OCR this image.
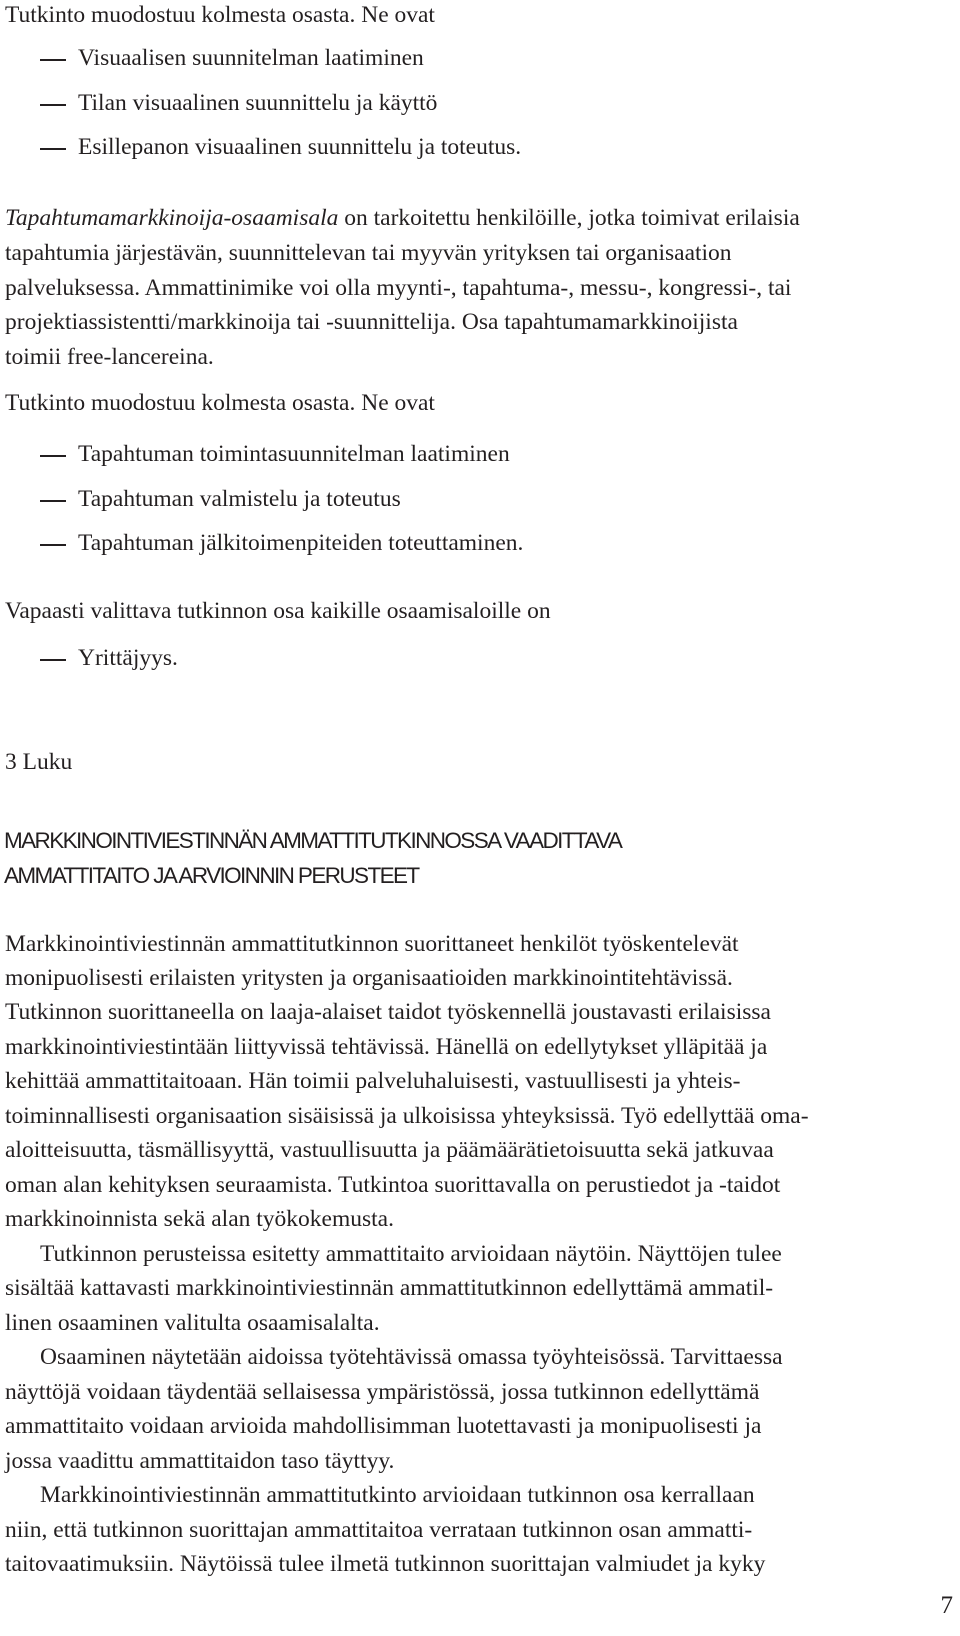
Tutkinto muodostuu kolmesta osasta. Ne ovat
Visuaalisen suunnitelman laatiminen
Tilan visuaalinen suunnittelu ja käyttö
Esillepanon visuaalinen suunnittelu ja toteutus.
Tapahtumamarkkinoija-osaamisala on tarkoitettu henkilöille, jotka toimivat erilaisia
tapahtumia järjestävän, suunnittelevan tai myyvän yrityksen tai organisaation
palveluksessa. Ammattinimike voi olla myynti-, tapahtuma-, messu-, kongressi-, tai
projektiassistentti/markkinoija tai -suunnittelija. Osa tapahtumamarkkinoijista
toimii free-lancereina.
Tutkinto muodostuu kolmesta osasta. Ne ovat
Tapahtuman toimintasuunnitelman laatiminen
Tapahtuman valmistelu ja toteutus
Tapahtuman jälkitoimenpiteiden toteuttaminen.
Vapaasti valittava tutkinnon osa kaikille osaamisaloille on
Yrittäjyys.
3 Luku
MARKKINOINTIVIESTINNÄN AMMATTITUTKINNOSSA VAADITTAVA
AMMATTITAITO JA ARVIOINNIN PERUSTEET
Markkinointiviestinnän ammattitutkinnon suorittaneet henkilöt työskentelevät
monipuolisesti erilaisten yritysten ja organisaatioiden markkinointitehtävissä.
Tutkinnon suorittaneella on laaja-alaiset taidot työskennellä joustavasti erilaisissa
markkinointiviestintään liittyvissä tehtävissä. Hänellä on edellytykset ylläpitää ja
kehittää ammattitaitoaan. Hän toimii palveluhaluisesti, vastuullisesti ja yhteis-
toiminnallisesti organisaation sisäisissä ja ulkoisissa yhteyksissä. Työ edellyttää oma-
aloitteisuutta, täsmällisyyttä, vastuullisuutta ja päämäärätietoisuutta sekä jatkuvaa
oman alan kehityksen seuraamista. Tutkintoa suorittavalla on perustiedot ja -taidot
markkinoinnista sekä alan työkokemusta.
Tutkinnon perusteissa esitetty ammattitaito arvioidaan näytöin. Näyttöjen tulee
sisältää kattavasti markkinointiviestinnän ammattitutkinnon edellyttämä ammatil-
linen osaaminen valitulta osaamisalalta.
Osaaminen näytetään aidoissa työtehtävissä omassa työyhteisössä. Tarvittaessa
näyttöjä voidaan täydentää sellaisessa ympäristössä, jossa tutkinnon edellyttämä
ammattitaito voidaan arvioida mahdollisimman luotettavasti ja monipuolisesti ja
jossa vaadittu ammattitaidon taso täyttyy.
Markkinointiviestinnän ammattitutkinto arvioidaan tutkinnon osa kerrallaan
niin, että tutkinnon suorittajan ammattitaitoa verrataan tutkinnon osan ammatti-
taitovaatimuksiin. Näytöissä tulee ilmetä tutkinnon suorittajan valmiudet ja kyky
7
